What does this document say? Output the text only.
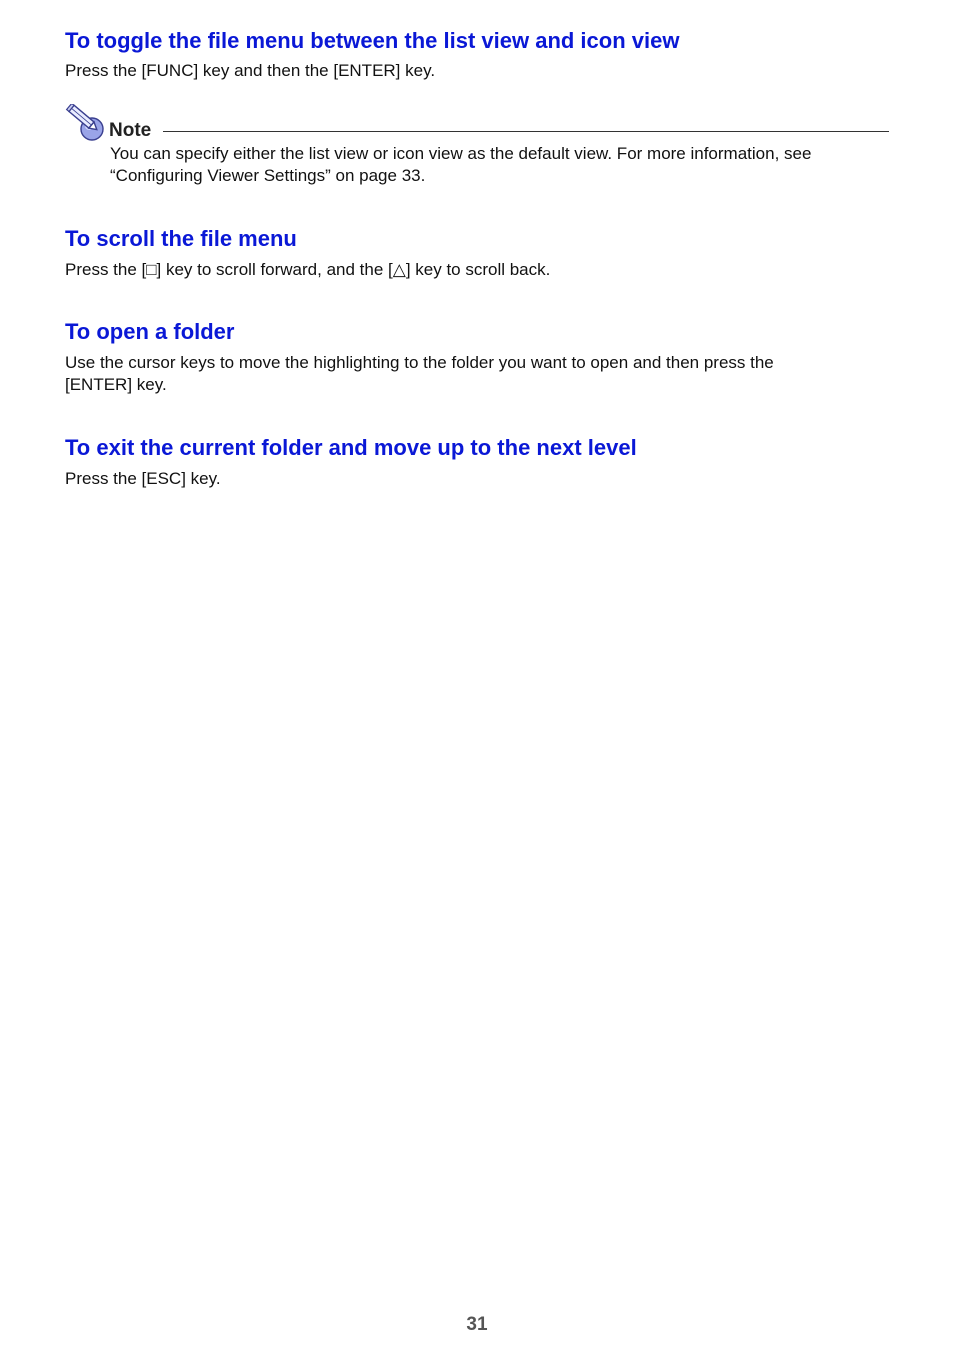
To toggle the file menu between the list view and icon view

Press the [FUNC] key and then the [ENTER] key.

Note

You can specify either the list view or icon view as the default view. For more information, see “Configuring Viewer Settings” on page 33.

To scroll the file menu

Press the [□] key to scroll forward, and the [△] key to scroll back.

To open a folder

Use the cursor keys to move the highlighting to the folder you want to open and then press the [ENTER] key.

To exit the current folder and move up to the next level

Press the [ESC] key.

31
